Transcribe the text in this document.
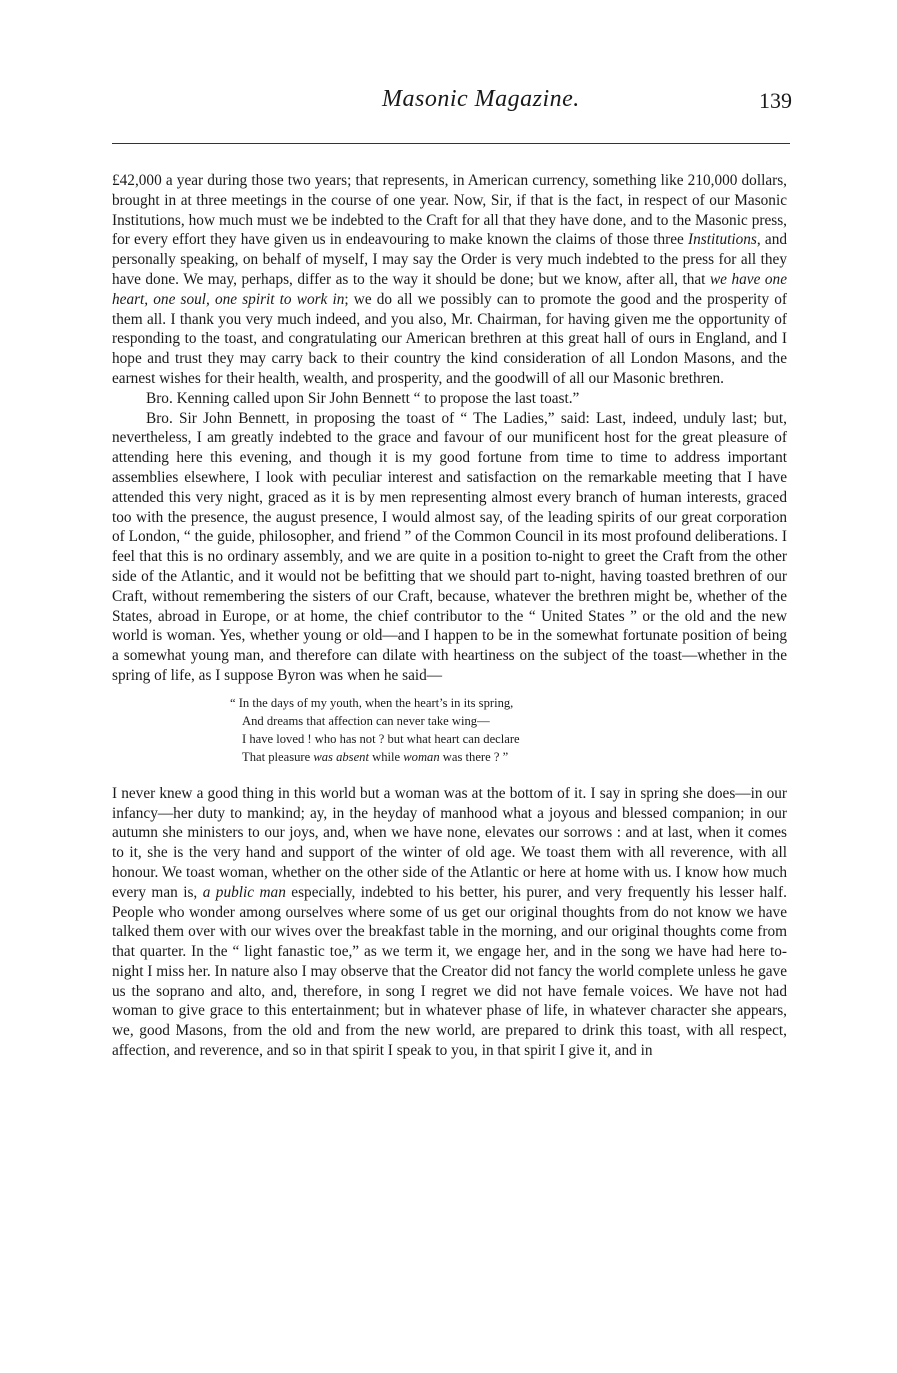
Masonic Magazine.	139

£42,000 a year during those two years; that represents, in American currency, something like 210,000 dollars, brought in at three meetings in the course of one year. Now, Sir, if that is the fact, in respect of our Masonic Institutions, how much must we be indebted to the Craft for all that they have done, and to the Masonic press, for every effort they have given us in endeavouring to make known the claims of those three Institutions, and personally speaking, on behalf of myself, I may say the Order is very much indebted to the press for all they have done. We may, perhaps, differ as to the way it should be done; but we know, after all, that we have one heart, one soul, one spirit to work in; we do all we possibly can to promote the good and the prosperity of them all. I thank you very much indeed, and you also, Mr. Chairman, for having given me the opportunity of responding to the toast, and congratulating our American brethren at this great hall of ours in England, and I hope and trust they may carry back to their country the kind consideration of all London Masons, and the earnest wishes for their health, wealth, and prosperity, and the goodwill of all our Masonic brethren.

Bro. Kenning called upon Sir John Bennett “ to propose the last toast.”

Bro. Sir John Bennett, in proposing the toast of “ The Ladies,” said: Last, indeed, unduly last; but, nevertheless, I am greatly indebted to the grace and favour of our munificent host for the great pleasure of attending here this evening, and though it is my good fortune from time to time to address important assemblies elsewhere, I look with peculiar interest and satisfaction on the remarkable meeting that I have attended this very night, graced as it is by men representing almost every branch of human interests, graced too with the presence, the august presence, I would almost say, of the leading spirits of our great corporation of London, “ the guide, philosopher, and friend ” of the Common Council in its most profound deliberations. I feel that this is no ordinary assembly, and we are quite in a position to-night to greet the Craft from the other side of the Atlantic, and it would not be befitting that we should part to-night, having toasted brethren of our Craft, without remembering the sisters of our Craft, because, whatever the brethren might be, whether of the States, abroad in Europe, or at home, the chief contributor to the “ United States ” or the old and the new world is woman. Yes, whether young or old—and I happen to be in the somewhat fortunate position of being a somewhat young man, and therefore can dilate with heartiness on the subject of the toast—whether in the spring of life, as I suppose Byron was when he said—

“ In the days of my youth, when the heart’s in its spring,
And dreams that affection can never take wing—
I have loved ! who has not ? but what heart can declare
That pleasure was absent while woman was there ? ”

I never knew a good thing in this world but a woman was at the bottom of it. I say in spring she does—in our infancy—her duty to mankind; ay, in the heyday of manhood what a joyous and blessed companion; in our autumn she ministers to our joys, and, when we have none, elevates our sorrows : and at last, when it comes to it, she is the very hand and support of the winter of old age. We toast them with all reverence, with all honour. We toast woman, whether on the other side of the Atlantic or here at home with us. I know how much every man is, a public man especially, indebted to his better, his purer, and very frequently his lesser half. People who wonder among ourselves where some of us get our original thoughts from do not know we have talked them over with our wives over the breakfast table in the morning, and our original thoughts come from that quarter. In the “ light fanastic toe,” as we term it, we engage her, and in the song we have had here to-night I miss her. In nature also I may observe that the Creator did not fancy the world complete unless he gave us the soprano and alto, and, therefore, in song I regret we did not have female voices. We have not had woman to give grace to this entertainment; but in whatever phase of life, in whatever character she appears, we, good Masons, from the old and from the new world, are prepared to drink this toast, with all respect, affection, and reverence, and so in that spirit I speak to you, in that spirit I give it, and in
